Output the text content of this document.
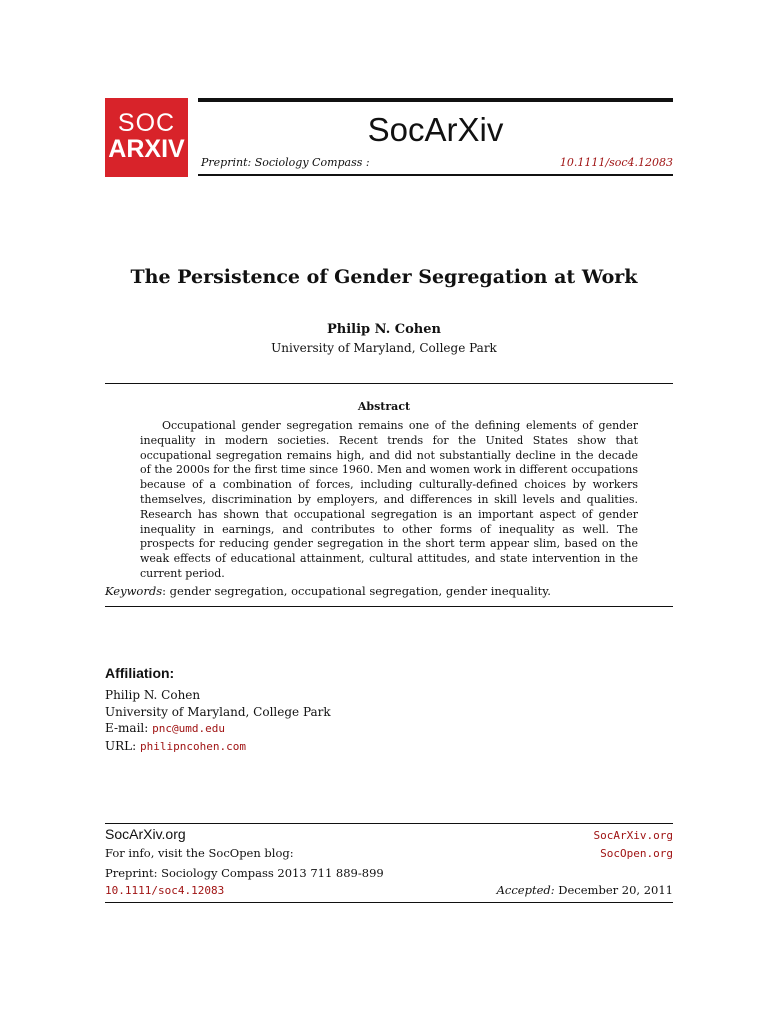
SOC
ARXIV
SocArXiv
Preprint: Sociology Compass :	10.1111/soc4.12083
The Persistence of Gender Segregation at Work
Philip N. Cohen
University of Maryland, College Park
Abstract
Occupational gender segregation remains one of the defining elements of gender inequality in modern societies. Recent trends for the United States show that occupational segregation remains high, and did not substantially decline in the decade of the 2000s for the first time since 1960. Men and women work in different occupations because of a combination of forces, including culturally-defined choices by workers themselves, discrimination by employers, and differences in skill levels and qualities. Research has shown that occupational segregation is an important aspect of gender inequality in earnings, and contributes to other forms of inequality as well. The prospects for reducing gender segregation in the short term appear slim, based on the weak effects of educational attainment, cultural attitudes, and state intervention in the current period.
Keywords: gender segregation, occupational segregation, gender inequality.
Affiliation:
Philip N. Cohen
University of Maryland, College Park
E-mail: pnc@umd.edu
URL: philipncohen.com
SocArXiv.org	SocArXiv.org
For info, visit the SocOpen blog:	SocOpen.org
Preprint: Sociology Compass 2013 711 889-899
10.1111/soc4.12083	Accepted: December 20, 2011
